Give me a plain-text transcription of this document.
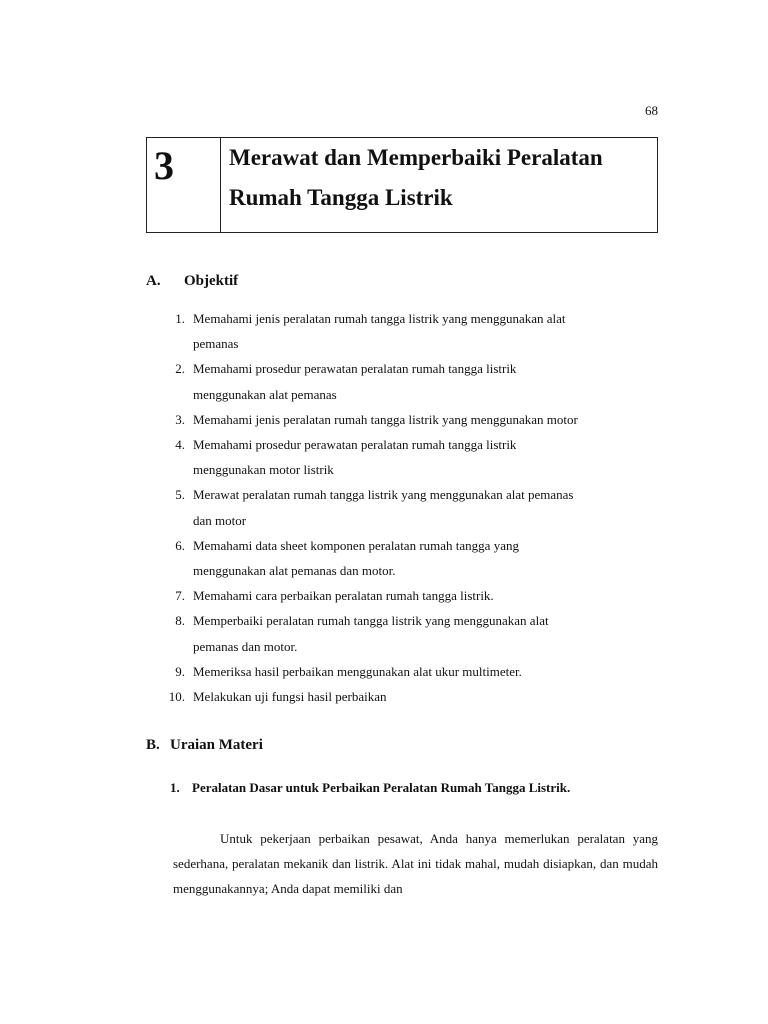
68
3	Merawat dan Memperbaiki Peralatan
Rumah Tangga Listrik
A. Objektif
1. Memahami jenis peralatan rumah tangga listrik yang menggunakan alat
pemanas
2. Memahami prosedur perawatan peralatan rumah tangga listrik
menggunakan alat pemanas
3. Memahami jenis peralatan rumah tangga listrik yang menggunakan motor
4. Memahami prosedur perawatan peralatan rumah tangga listrik
menggunakan motor listrik
5. Merawat peralatan rumah tangga listrik yang menggunakan alat pemanas
dan motor
6. Memahami data sheet komponen peralatan rumah tangga yang
menggunakan alat pemanas dan motor.
7. Memahami cara perbaikan peralatan rumah tangga listrik.
8. Memperbaiki peralatan rumah tangga listrik yang menggunakan alat
pemanas dan motor.
9. Memeriksa hasil perbaikan menggunakan alat ukur multimeter.
10. Melakukan uji fungsi hasil perbaikan
B. Uraian Materi
1. Peralatan Dasar untuk Perbaikan Peralatan Rumah Tangga Listrik.

Untuk pekerjaan perbaikan pesawat, Anda hanya memerlukan peralatan yang sederhana, peralatan mekanik dan listrik. Alat ini tidak mahal, mudah disiapkan, dan mudah menggunakannya; Anda dapat memiliki dan
